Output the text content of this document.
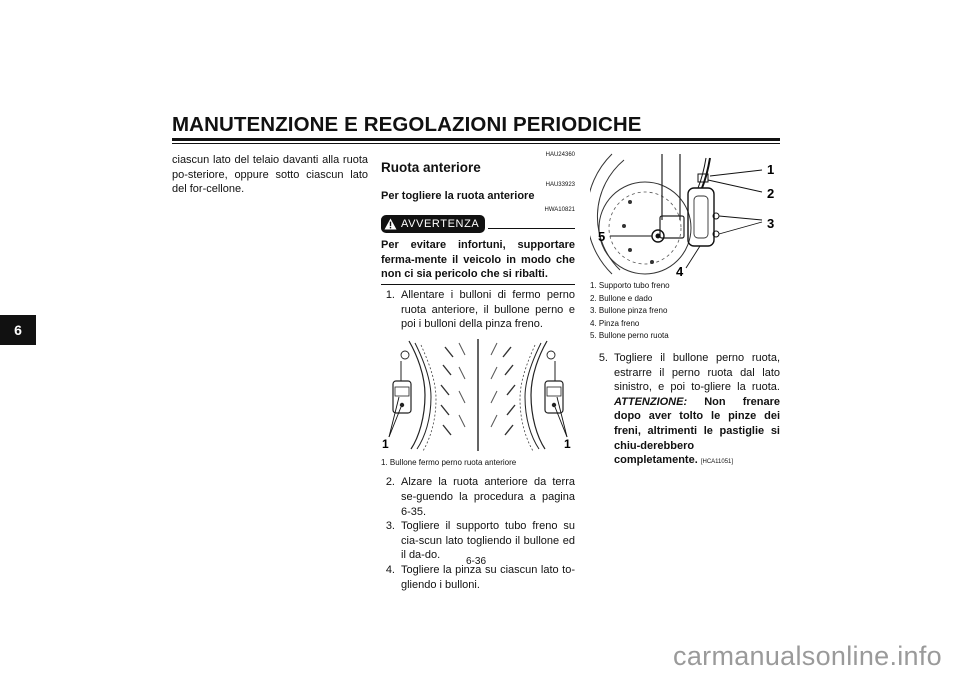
MANUTENZIONE E REGOLAZIONI PERIODICHE
6

ciascun lato del telaio davanti alla ruota po-steriore, oppure sotto ciascun lato del for-cellone.

HAU24360
Ruota anteriore
HAU33923
Per togliere la ruota anteriore
HWA10821
AVVERTENZA

Per evitare infortuni, supportare ferma-mente il veicolo in modo che non ci sia pericolo che si ribalti.

1. Allentare i bulloni di fermo perno ruota anteriore, il bullone perno e poi i bulloni della pinza freno.
1	1
1. Bullone fermo perno ruota anteriore
2. Alzare la ruota anteriore da terra se-guendo la procedura a pagina 6-35.
3. Togliere il supporto tubo freno su cia-scun lato togliendo il bullone ed il da-do.
4. Togliere la pinza su ciascun lato to-gliendo i bulloni.
1
2
3
4
5
1. Supporto tubo freno
2. Bullone e dado
3. Bullone pinza freno
4. Pinza freno
5. Bullone perno ruota
5. Togliere il bullone perno ruota, estrarre il perno ruota dal lato sinistro, e poi to-gliere la ruota. ATTENZIONE: Non frenare dopo aver tolto le pinze dei freni, altrimenti le pastiglie si chiu-derebbero completamente. [HCA11051]
6-36
carmanualsonline.info
